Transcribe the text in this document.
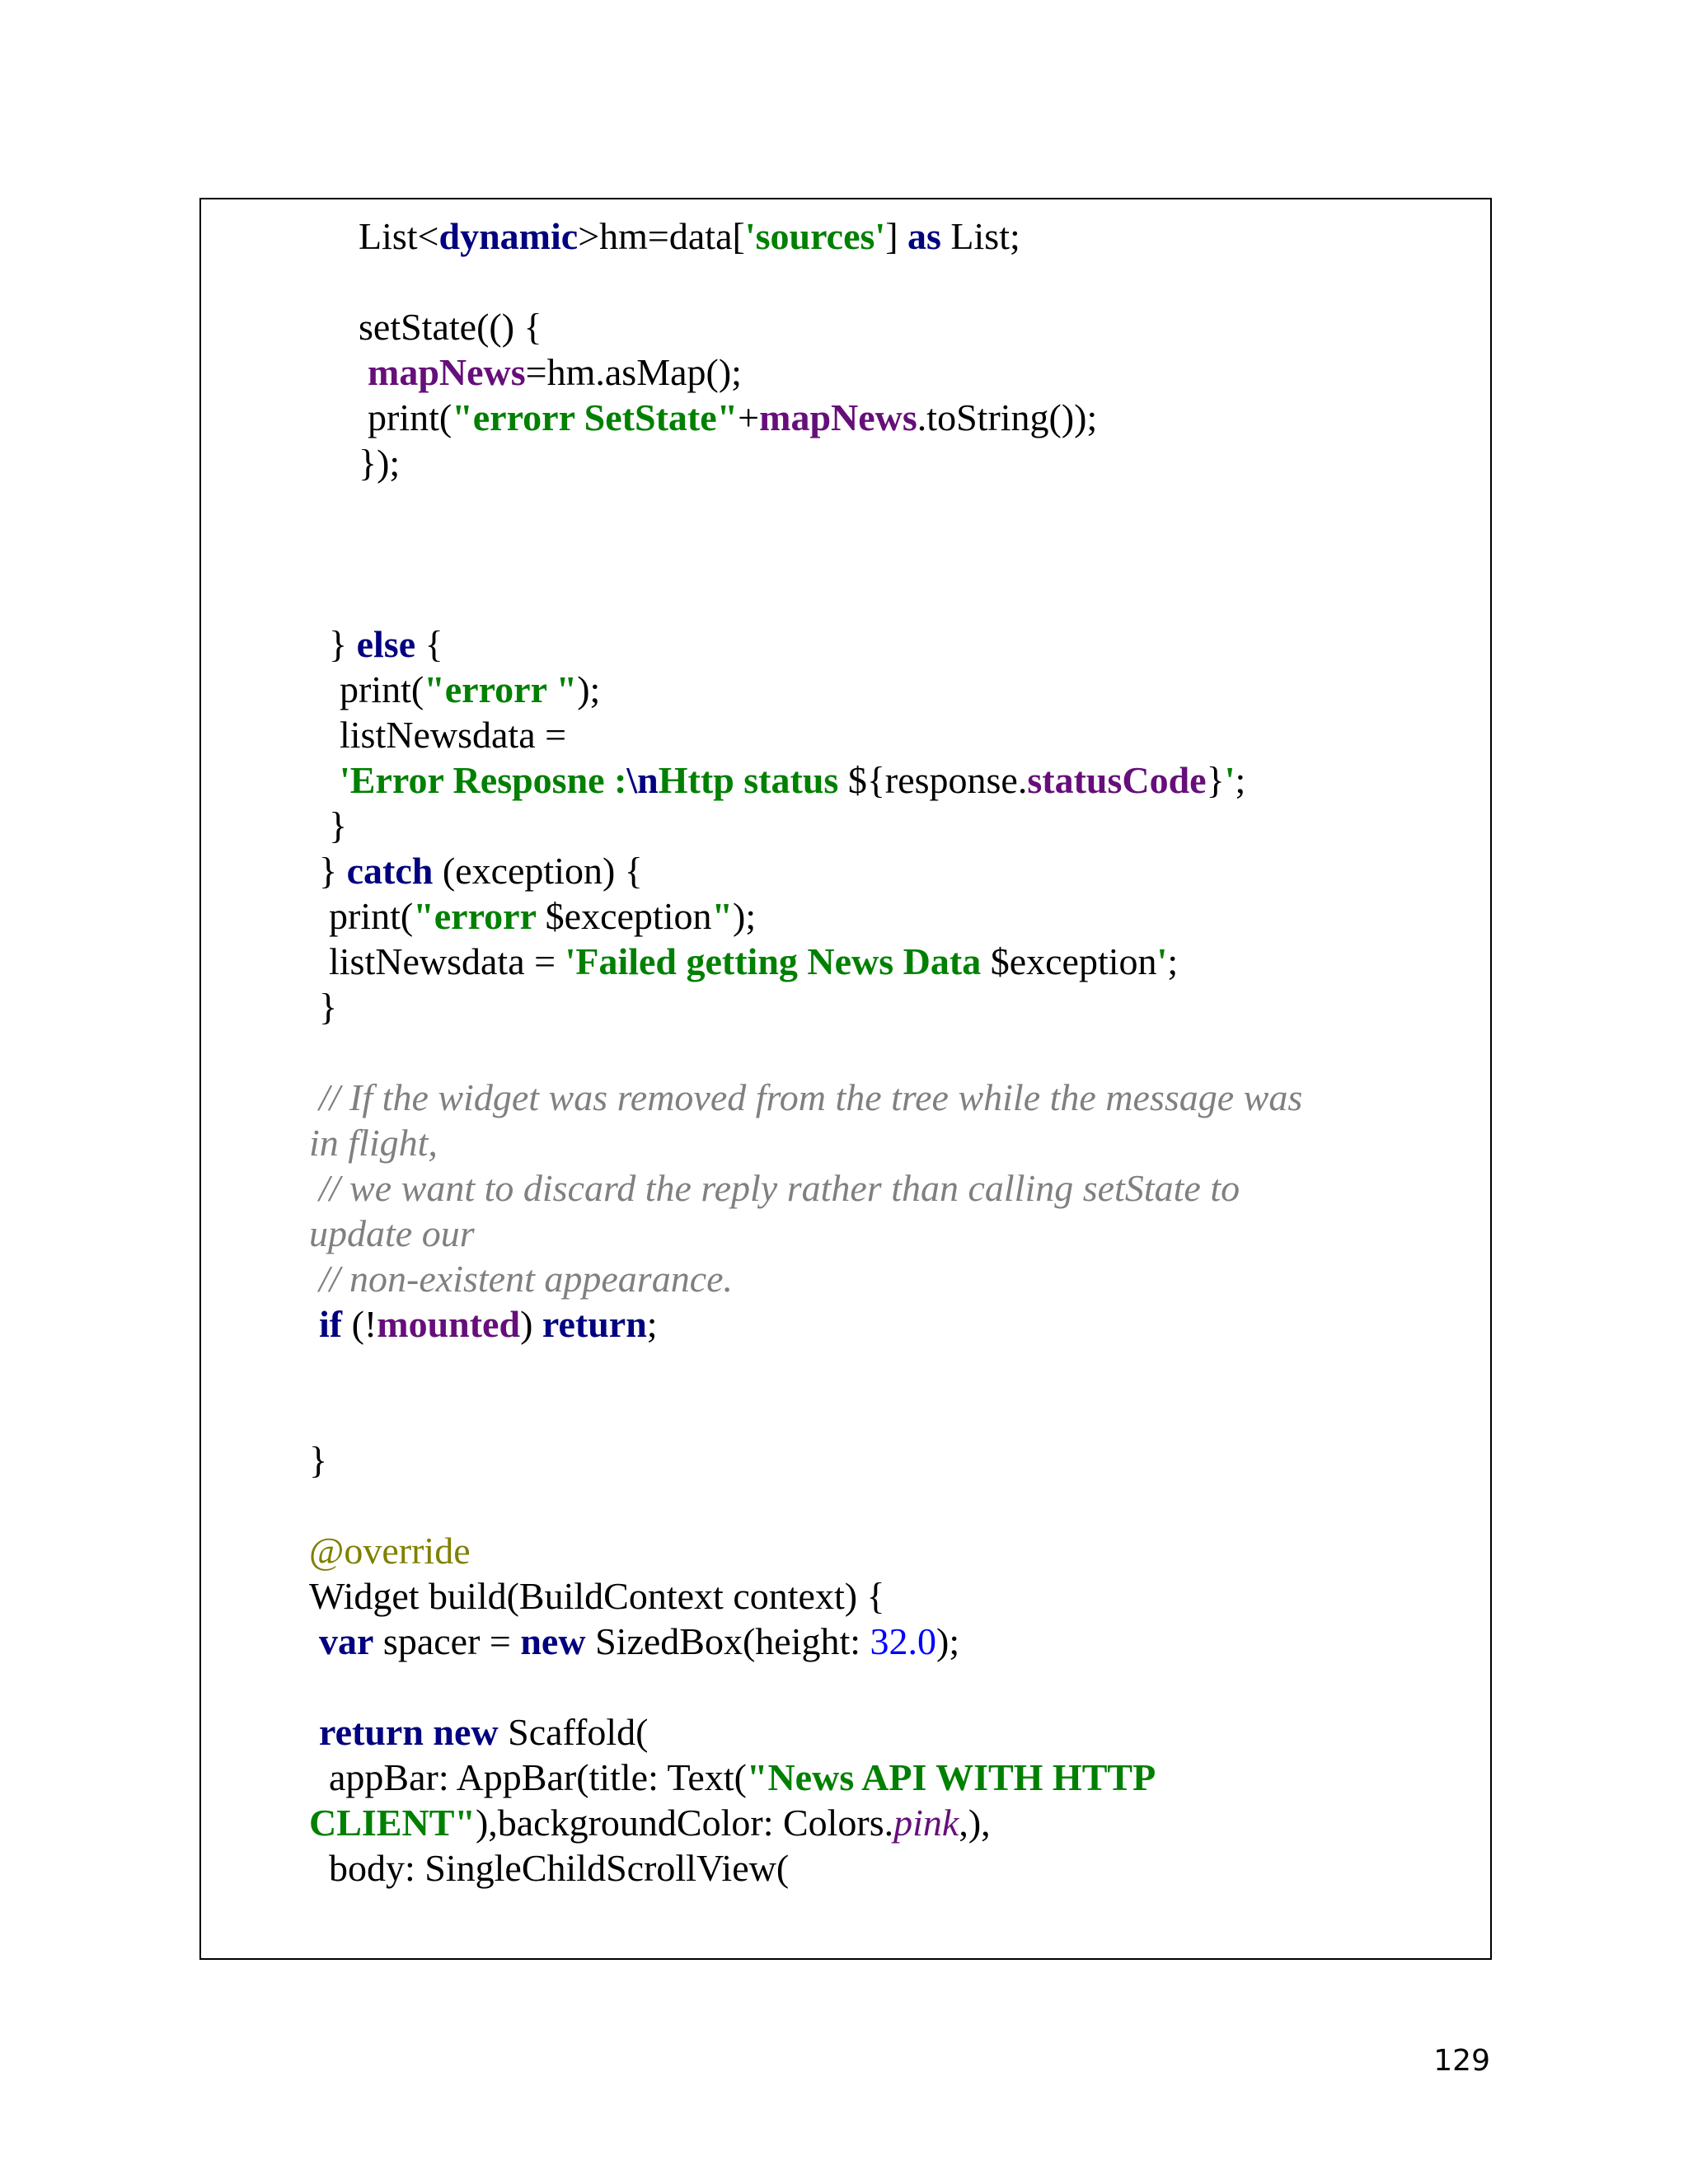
List<dynamic>hm=data['sources'] as List;
setState(() {
mapNews=hm.asMap();
print("errorr SetState"+mapNews.toString());
});
} else {
print("errorr ");
listNewsdata =
'Error Resposne :\nHttp status ${response.statusCode}';
}
} catch (exception) {
print("errorr $exception");
listNewsdata = 'Failed getting News Data $exception';
}
// If the widget was removed from the tree while the message was
in flight,
// we want to discard the reply rather than calling setState to
update our
// non-existent appearance.
if (!mounted) return;
}
@override
Widget build(BuildContext context) {
var spacer = new SizedBox(height: 32.0);
return new Scaffold(
appBar: AppBar(title: Text("News API WITH HTTP
CLIENT"),backgroundColor: Colors.pink,),
body: SingleChildScrollView(
129
